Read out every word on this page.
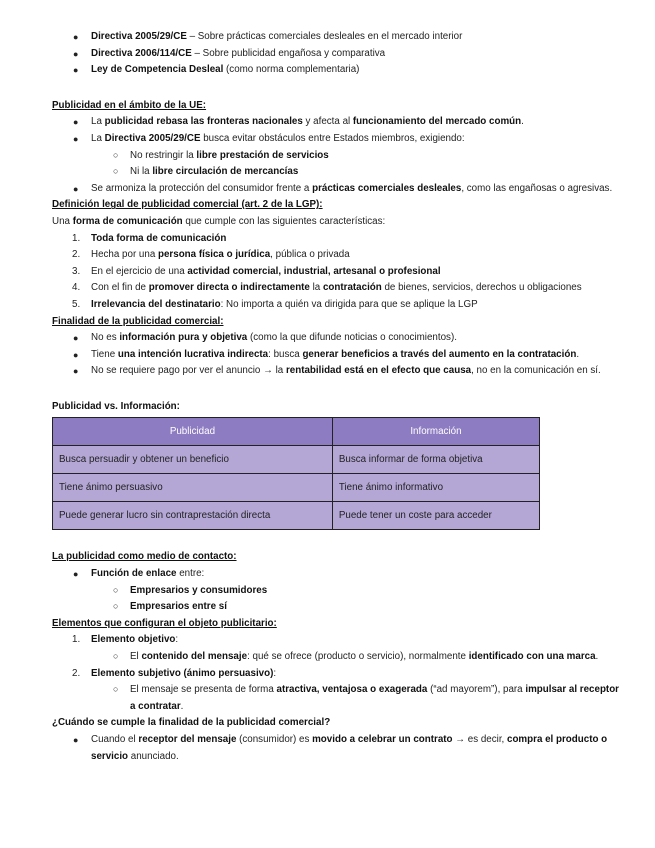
● Directiva 2005/29/CE – Sobre prácticas comerciales desleales en el mercado interior
● Directiva 2006/114/CE – Sobre publicidad engañosa y comparativa
● Ley de Competencia Desleal (como norma complementaria)

Publicidad en el ámbito de la UE:

● La publicidad rebasa las fronteras nacionales y afecta al funcionamiento del mercado común.
● La Directiva 2005/29/CE busca evitar obstáculos entre Estados miembros, exigiendo:
○ No restringir la libre prestación de servicios
○ Ni la libre circulación de mercancías
● Se armoniza la protección del consumidor frente a prácticas comerciales desleales, como las engañosas o agresivas.

Definición legal de publicidad comercial (art. 2 de la LGP):

Una forma de comunicación que cumple con las siguientes características:

1. Toda forma de comunicación
2. Hecha por una persona física o jurídica, pública o privada
3. En el ejercicio de una actividad comercial, industrial, artesanal o profesional
4. Con el fin de promover directa o indirectamente la contratación de bienes, servicios, derechos u obligaciones
5. Irrelevancia del destinatario: No importa a quién va dirigida para que se aplique la LGP

Finalidad de la publicidad comercial:

● No es información pura y objetiva (como la que difunde noticias o conocimientos).
● Tiene una intención lucrativa indirecta: busca generar beneficios a través del aumento en la contratación.
● No se requiere pago por ver el anuncio → la rentabilidad está en el efecto que causa, no en la comunicación en sí.

Publicidad vs. Información:

Publicidad	Información
Busca persuadir y obtener un beneficio	Busca informar de forma objetiva
Tiene ánimo persuasivo	Tiene ánimo informativo
Puede generar lucro sin contraprestación directa	Puede tener un coste para acceder

La publicidad como medio de contacto:

● Función de enlace entre:
○ Empresarios y consumidores
○ Empresarios entre sí

Elementos que configuran el objeto publicitario:

1. Elemento objetivo:
○ El contenido del mensaje: qué se ofrece (producto o servicio), normalmente identificado con una marca.
2. Elemento subjetivo (ánimo persuasivo):
○ El mensaje se presenta de forma atractiva, ventajosa o exagerada (“ad mayorem”), para impulsar al receptor a contratar.

¿Cuándo se cumple la finalidad de la publicidad comercial?

● Cuando el receptor del mensaje (consumidor) es movido a celebrar un contrato → es decir, compra el producto o servicio anunciado.
